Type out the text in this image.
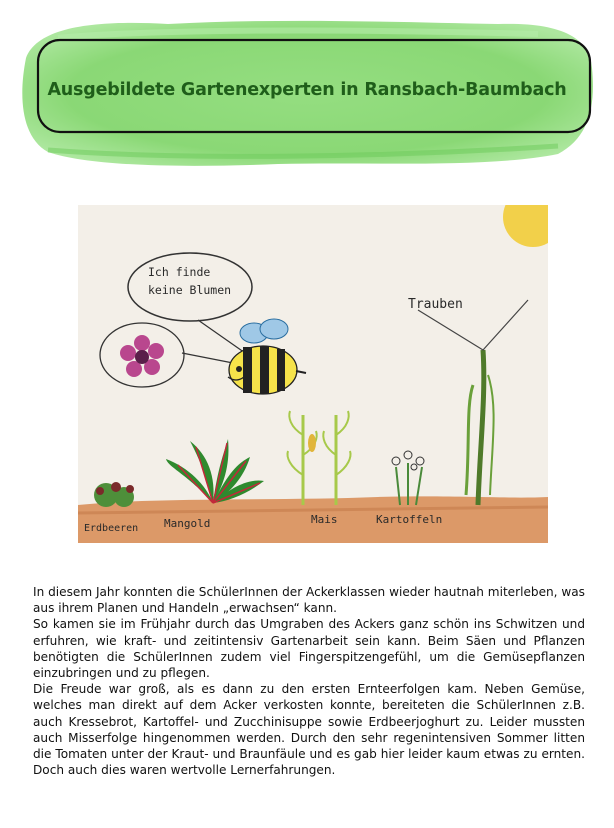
Ausgebildete Gartenexperten in Ransbach-Baumbach
Ich finde keine Blumen
Trauben
Erdbeeren Mangold	Mais	Kartoffeln

In diesem Jahr konnten die SchülerInnen der Ackerklassen wieder hautnah miterleben, was aus ihrem Planen und Handeln „erwachsen“ kann.

So kamen sie im Frühjahr durch das Umgraben des Ackers ganz schön ins Schwitzen und erfuhren, wie kraft- und zeitintensiv Gartenarbeit sein kann. Beim Säen und Pflanzen benötigten die SchülerInnen zudem viel Fingerspitzengefühl, um die Gemüsepflanzen einzubringen und zu pflegen.

Die Freude war groß, als es dann zu den ersten Ernteerfolgen kam. Neben Gemüse, welches man direkt auf dem Acker verkosten konnte, bereiteten die SchülerInnen z.B. auch Kressebrot, Kartoffel- und Zucchinisuppe sowie Erdbeerjoghurt zu. Leider mussten auch Misserfolge hingenommen werden. Durch den sehr regenintensiven Sommer litten die Tomaten unter der Kraut- und Braunfäule und es gab hier leider kaum etwas zu ernten. Doch auch dies waren wertvolle Lernerfahrungen.
